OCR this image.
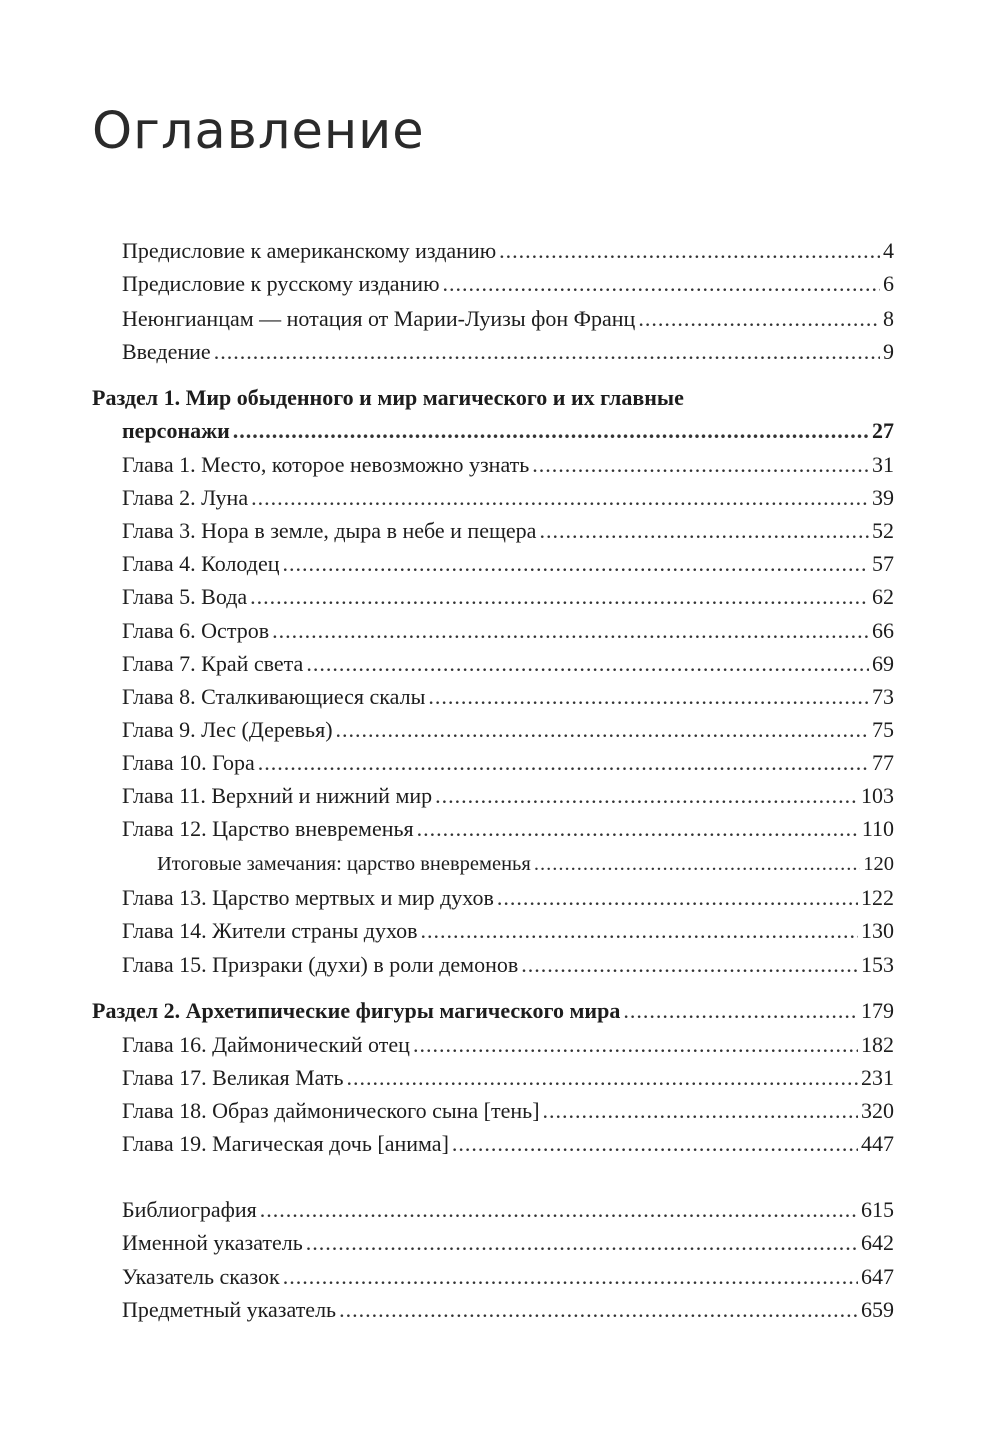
Оглавление
Предисловие к американскому изданию .....	4
Предисловие к русскому изданию .....	6
Неюнгианцам — нотация от Марии-Луизы фон Франц .....	8
Введение .....	9
Раздел 1. Мир обыденного и мир магического и их главные
персонажи .....	27
Глава 1. Место, которое невозможно узнать .....	31
Глава 2. Луна .....	39
Глава 3. Нора в земле, дыра в небе и пещера .....	52
Глава 4. Колодец .....	57
Глава 5. Вода .....	62
Глава 6. Остров .....	66
Глава 7. Край света .....	69
Глава 8. Сталкивающиеся скалы .....	73
Глава 9. Лес (Деревья) .....	75
Глава 10. Гора .....	77
Глава 11. Верхний и нижний мир .....	103
Глава 12. Царство вневременья .....	110
Итоговые замечания: царство вневременья .....	120
Глава 13. Царство мертвых и мир духов .....	122
Глава 14. Жители страны духов .....	130
Глава 15. Призраки (духи) в роли демонов .....	153
Раздел 2. Архетипические фигуры магического мира .....	179
Глава 16. Даймонический отец .....	182
Глава 17. Великая Мать .....	231
Глава 18. Образ даймонического сына [тень] .....	320
Глава 19. Магическая дочь [анима] .....	447
Библиография .....	615
Именной указатель .....	642
Указатель сказок .....	647
Предметный указатель .....	659
